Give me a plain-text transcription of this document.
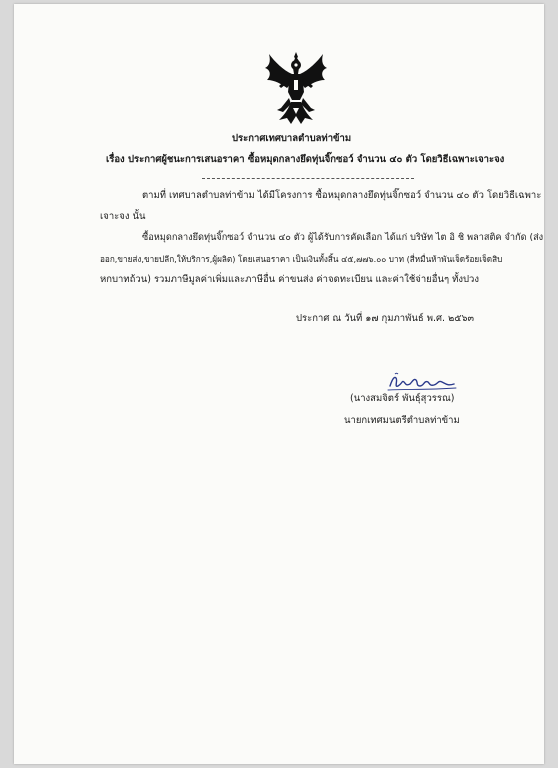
ประกาศเทศบาลตำบลท่าข้าม
เรื่อง ประกาศผู้ชนะการเสนอราคา ซื้อหมุดกลางยึดทุ่นจิ๊กซอว์ จำนวน ๔๐ ตัว โดยวิธีเฉพาะเจาะจง
ตามที่ เทศบาลตำบลท่าข้าม ได้มีโครงการ ซื้อหมุดกลางยึดทุ่นจิ๊กซอว์ จำนวน ๔๐ ตัว โดยวิธีเฉพาะ
เจาะจง นั้น
ซื้อหมุดกลางยึดทุ่นจิ๊กซอว์ จำนวน ๔๐ ตัว ผู้ได้รับการคัดเลือก ได้แก่ บริษัท ไต อิ ชิ พลาสติค จำกัด (ส่ง
ออก,ขายส่ง,ขายปลีก,ให้บริการ,ผู้ผลิต) โดยเสนอราคา เป็นเงินทั้งสิ้น ๔๕,๗๗๖.๐๐ บาท (สี่หมื่นห้าพันเจ็ดร้อยเจ็ดสิบ
หกบาทถ้วน) รวมภาษีมูลค่าเพิ่มและภาษีอื่น ค่าขนส่ง ค่าจดทะเบียน และค่าใช้จ่ายอื่นๆ ทั้งปวง
ประกาศ ณ วันที่ ๑๗ กุมภาพันธ์ พ.ศ. ๒๕๖๓
(นางสมจิตร์ พันธุ์สุวรรณ)
นายกเทศมนตรีตำบลท่าข้าม
